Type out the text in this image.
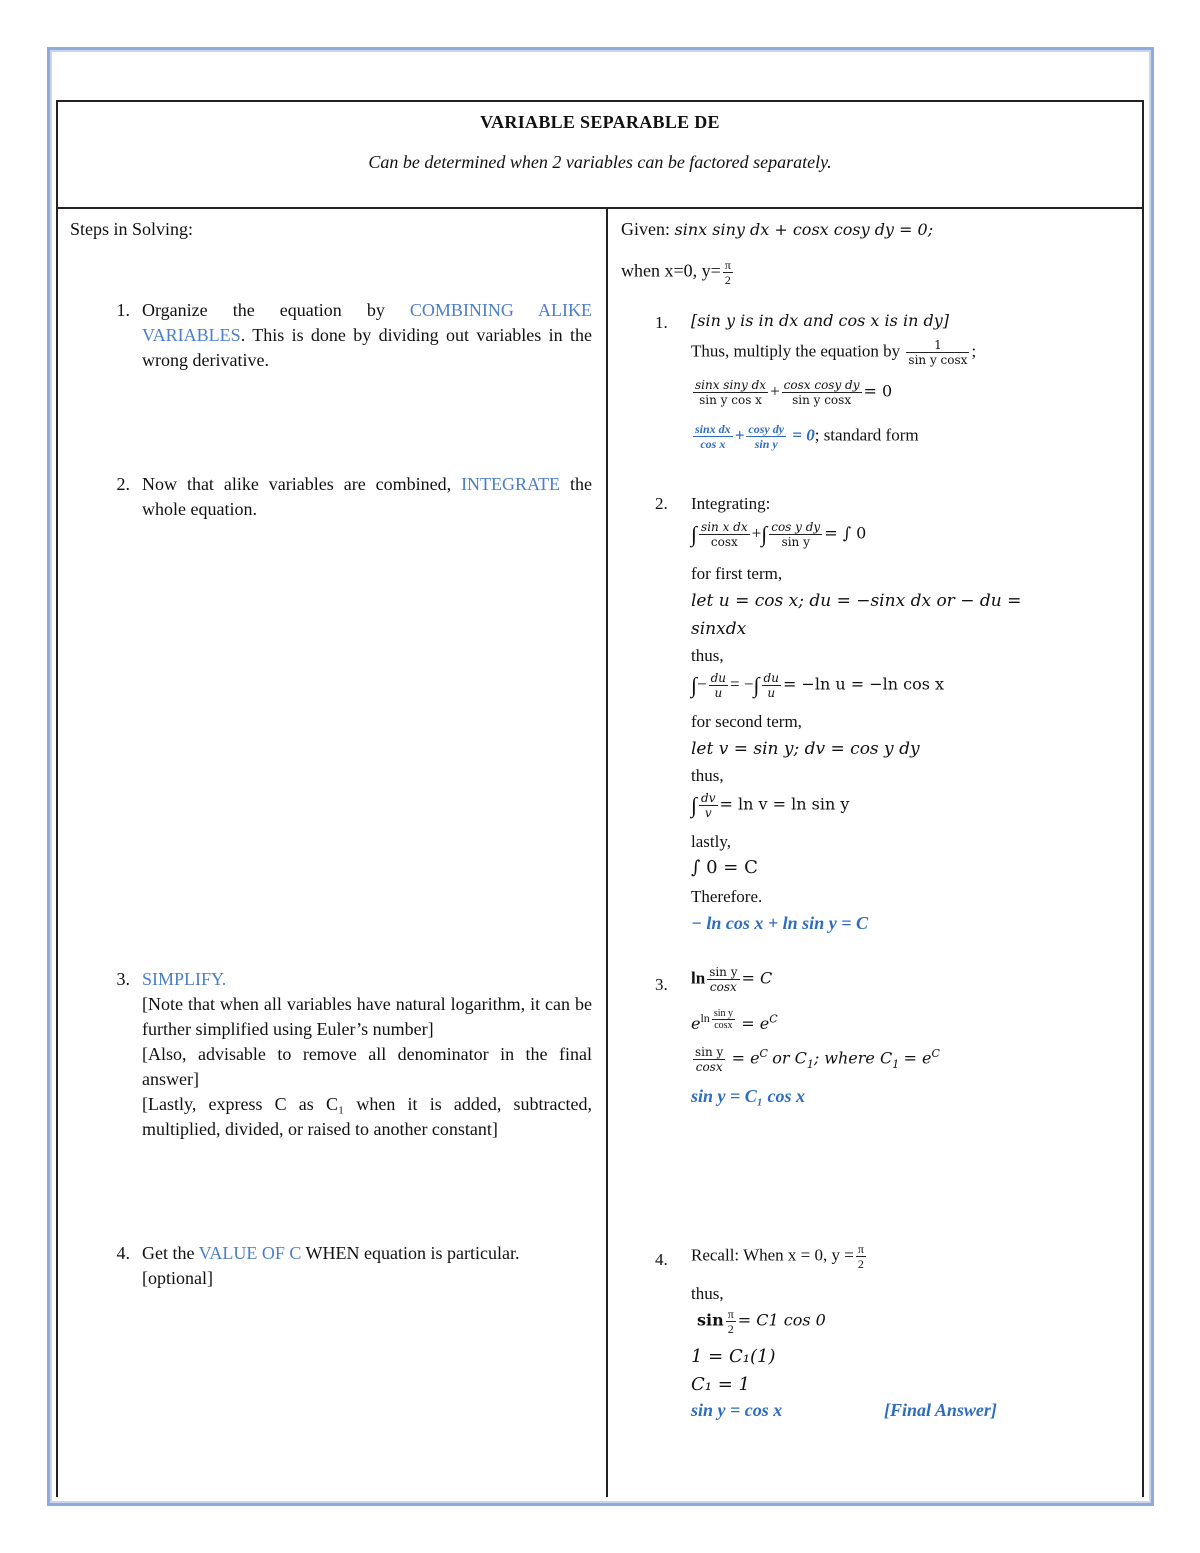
VARIABLE SEPARABLE DE
Can be determined when 2 variables can be factored separately.
Steps in Solving:
1. Organize the equation by COMBINING ALIKE VARIABLES. This is done by dividing out variables in the wrong derivative.
2. Now that alike variables are combined, INTEGRATE the whole equation.
3. SIMPLIFY.
[Note that when all variables have natural logarithm, it can be further simplified using Euler’s number]
[Also, advisable to remove all denominator in the final answer]
[Lastly, express C as C₁ when it is added, subtracted, multiplied, divided, or raised to another constant]
4. Get the VALUE OF C WHEN equation is particular. [optional]
Given: sinx siny dx + cosx cosy dy = 0;
when x=0, $y= \frac{\pi}{2}$
1. [sin y is in dx and cos x is in dy]
Thus, multiply the equation by $\frac{1}{\text{sin y cosx}}$ ;
$\frac{\text{sinx siny dx}}{\text{sin y cos x}} + \frac{\text{cosx cosy dy}}{\text{sin y cosx}} = 0$
$\frac{\text{sinx dx}}{\text{cos x}} + \frac{\text{cosy dy}}{\text{sin y}} = 0$; standard form
2. Integrating:
∫ $\frac{\text{sin x dx}}{\cos x}$ +∫ $\frac{\text{cos y dy}}{\text{sin y}}$ = ∫ 0
for first term,
let u = cos x; du = −sinx dx or − du =
sinxdx
thus,
∫− $\frac{du}{u}$ = −∫ $\frac{du}{u} = -\ln$ u = −ln cos x
for second term,
let v = sin y; dv = cos y dy
thus,
∫ $\frac{dv}{v} = \ln v = \ln \sin y$
lastly,
∫ 0 = C
Therefore.
− ln cos x + ln sin y = C
3. $\ln \frac{\text{sin y}}{\cos x} = C$
$e^{ln \frac{\text{sin y}}{\cos x}} = e^C$
$\frac{\text{sin y}}{\cos x} = e^C$ or $C_1$; where $C_1 = e^C$
sin y = C₁ cos x
4. Recall: When x = 0, $y = \frac{\pi}{2}$
thus,
$\sin \frac{\pi}{2} = C1$ cos 0
1 = C₁(1)
C₁ = 1
sin y = cos x	[Final Answer]
